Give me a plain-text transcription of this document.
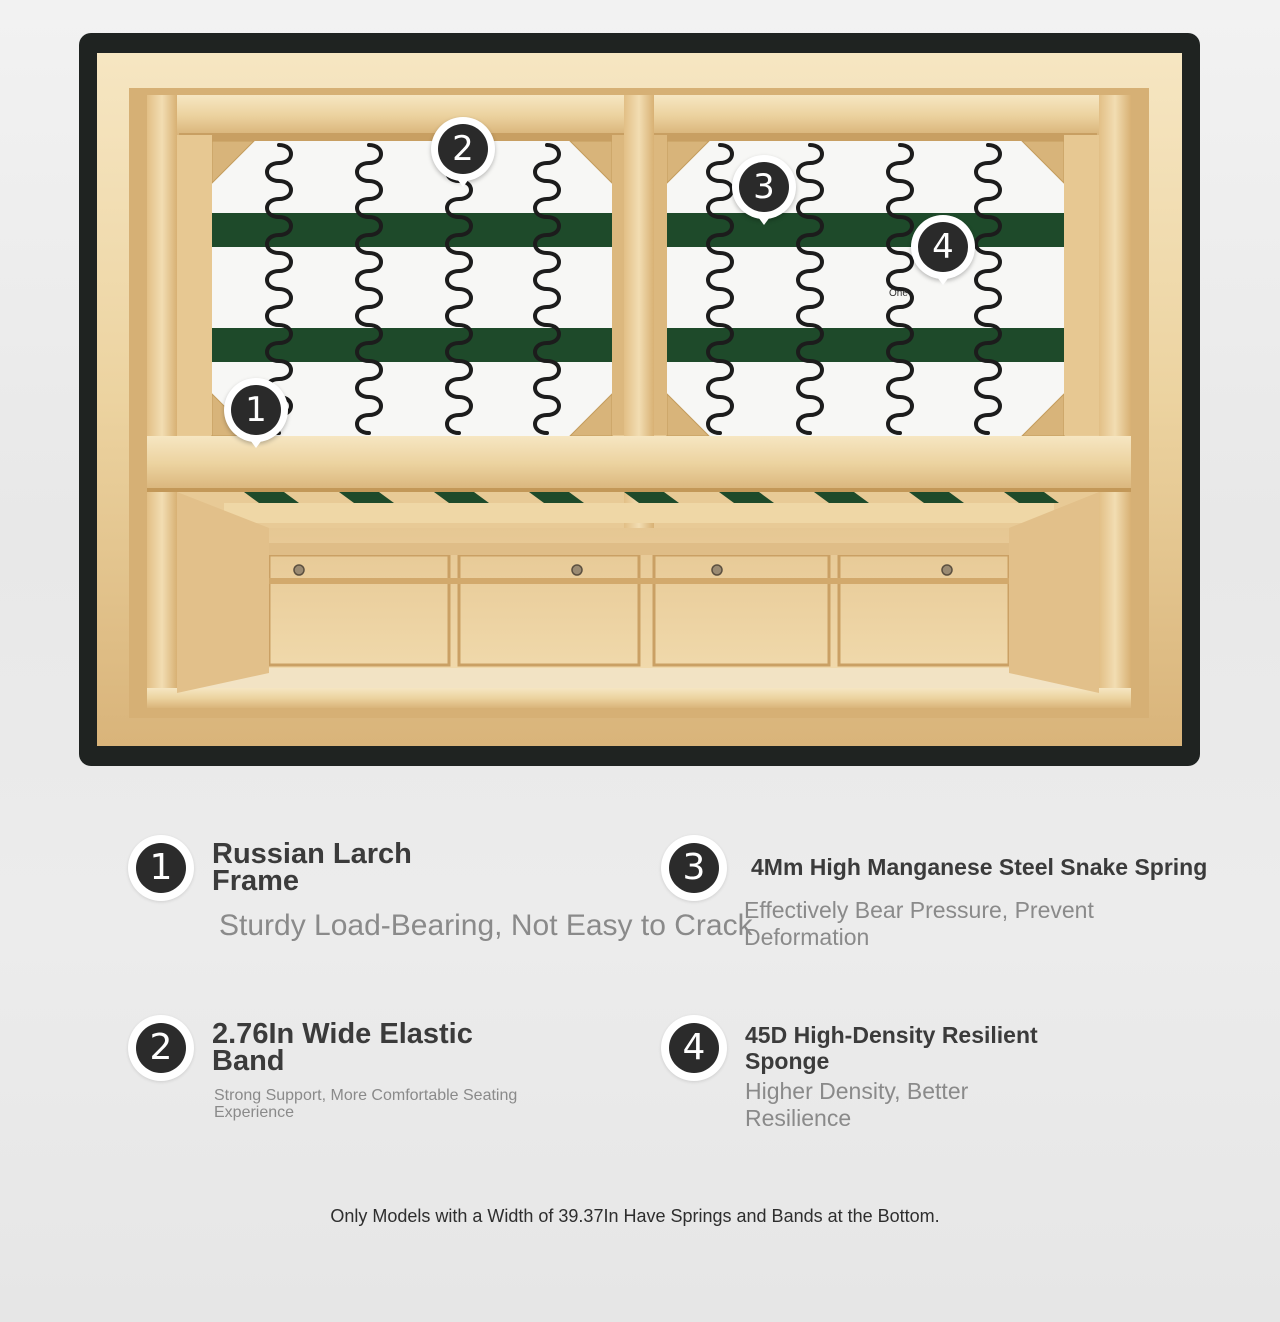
1
2
3
4
One
1	Russian Larch
Frame
Sturdy Load-Bearing, Not Easy to Crack
2	2.76In Wide Elastic
Band
Strong Support, More Comfortable Seating
Experience
3	4Mm High Manganese Steel Snake Spring
Effectively Bear Pressure, Prevent
Deformation
4	45D High-Density Resilient
Sponge
Higher Density, Better
Resilience
Only Models with a Width of 39.37In Have Springs and Bands at the Bottom.
